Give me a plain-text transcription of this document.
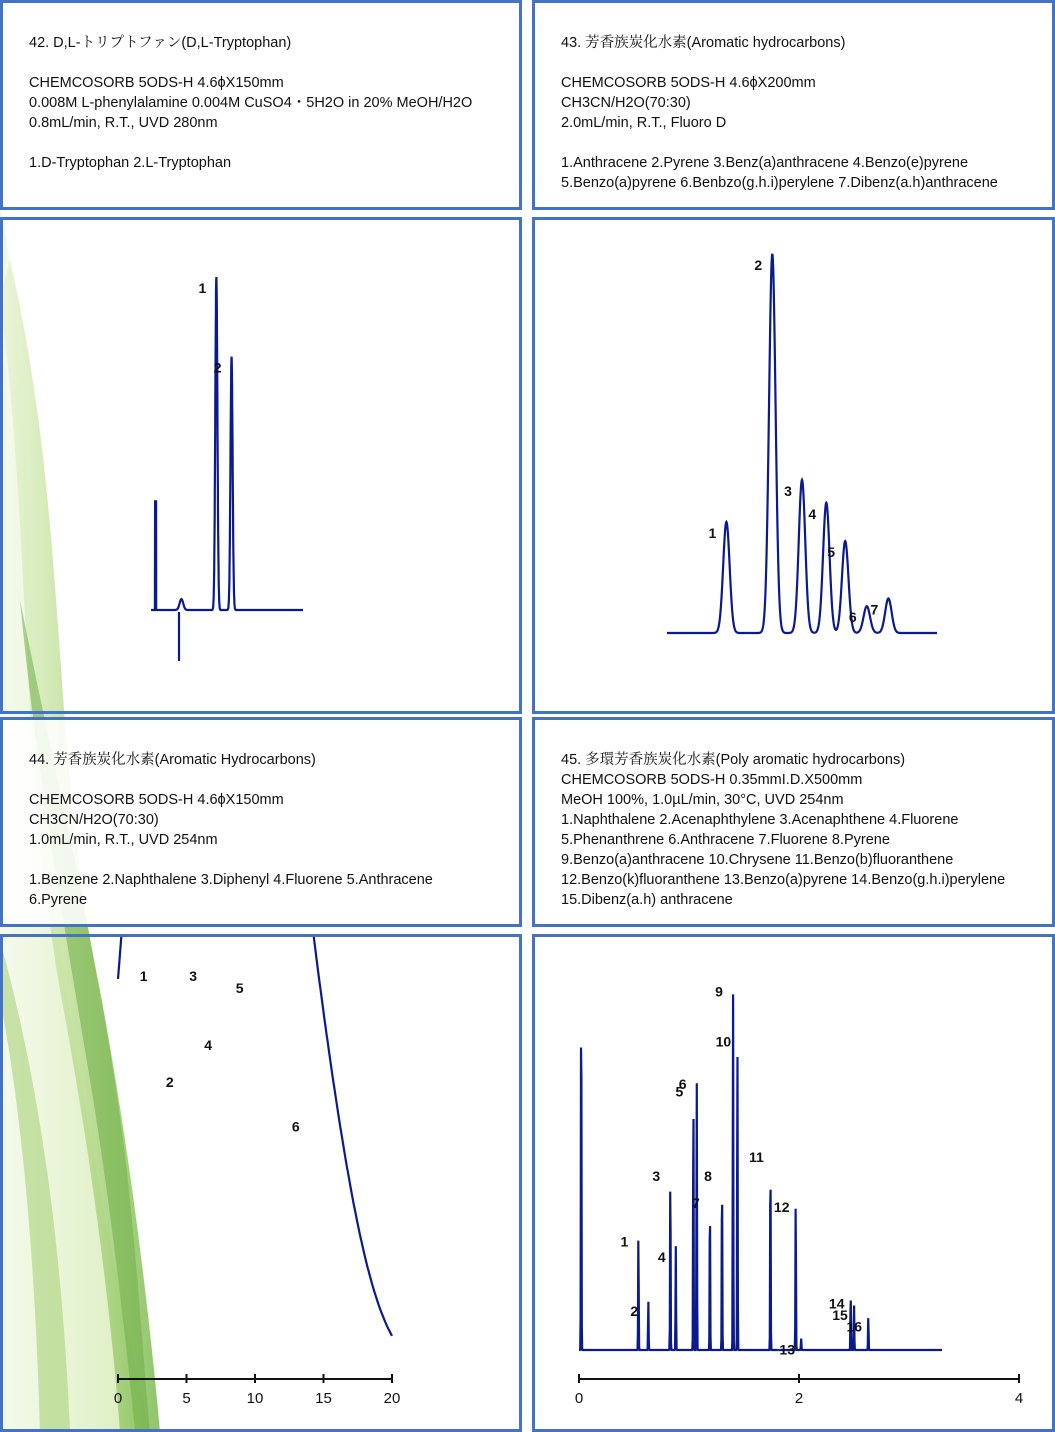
42. D,L-トリプトファン(D,L-Tryptophan)
CHEMCOSORB 5ODS-H 4.6ϕX150mm
0.008M L-phenylalamine 0.004M CuSO4・5H2O in 20% MeOH/H2O
0.8mL/min, R.T., UVD 280nm
1.D-Tryptophan 2.L-Tryptophan
43. 芳香族炭化水素(Aromatic hydrocarbons)
CHEMCOSORB 5ODS-H 4.6ϕX200mm
CH3CN/H2O(70:30)
2.0mL/min, R.T., Fluoro D
1.Anthracene 2.Pyrene 3.Benz(a)anthracene 4.Benzo(e)pyrene
5.Benzo(a)pyrene 6.Benbzo(g.h.i)perylene 7.Dibenz(a.h)anthracene
1
2
1
2
3
4
5
6 7
44. 芳香族炭化水素(Aromatic Hydrocarbons)
CHEMCOSORB 5ODS-H 4.6ϕX150mm
CH3CN/H2O(70:30)
1.0mL/min, R.T., UVD 254nm
1.Benzene 2.Naphthalene 3.Diphenyl 4.Fluorene 5.Anthracene
6.Pyrene
45. 多環芳香族炭化水素(Poly aromatic hydrocarbons)
CHEMCOSORB 5ODS-H 0.35mmI.D.X500mm
MeOH 100%, 1.0µL/min, 30°C, UVD 254nm
1.Naphthalene 2.Acenaphthylene 3.Acenaphthene 4.Fluorene
5.Phenanthrene 6.Anthracene 7.Fluorene 8.Pyrene
9.Benzo(a)anthracene 10.Chrysene 11.Benzo(b)fluoranthene
12.Benzo(k)fluoranthene 13.Benzo(a)pyrene 14.Benzo(g.h.i)perylene
15.Dibenz(a.h) anthracene
1
2
3
4
5
6
0	5	10	15	20
1
2
3
4
5
6
7
8
9
10
11
12
13
14
15
16
0	2	4
